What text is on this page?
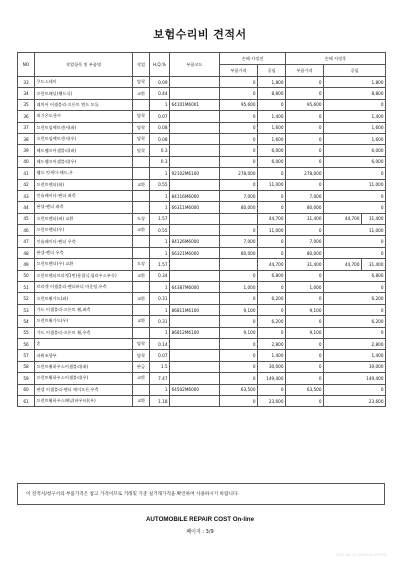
보험수리비 견적서
NO	작업항목 및 부품명	작업	H,Q,%	부품코드	손해 사정전		손해 사정후		
					부품가격	공임	부품가격	공임	
33	쿠드스테이	탈착	0.09		0	1,800	0	1,800	
34	프런트패널(웰드식)	교환	0.44		0	8,800	0	8,800	
35	래치어 어셈블리-프론트 엔드 모듈		1	64101M6001	95,600	0	95,600	0	
36	외기온도센서	탈착	0.07		0	1,400	0	1,400	
37	프런트임팩트센서(좌)	탈착	0.08		0	1,600	0	1,600	
38	프런트임팩트센서(우)	탈착	0.08		0	1,600	0	1,600	
39	헤드램프어셈블리(좌)	탈착	0.3		0	6,000	0	6,000	
40	헤드램프어셈블리(우)		0.3		0	6,000	0	6,000	
41	램프 엇세이-헤드,우		1	92102M6100	278,000	0	278,000	0	
42	프런트펜더(좌)	교환	0.55		0	11,000	0	11,000	
43	인슐레이터-펜더 좌측		1	84116M6000	7,000	0	7,000	0	
44	판넬-펜더 좌측		1	66311M6000	80,000	0	80,000	0	
45	프런트펜더(좌) 교환	도장	1.57			44,700	31,400	44,700	31,400
46	프런트펜더(우)	교환	0.55		0	11,000	0	11,000	
47	인슐레이터-펜더 우측		1	84126M6000	7,000	0	7,000	0	
48	판넬-펜더 우측		1	66321M6000	80,000	0	80,000	0	
49	프런트펜더(우) 교환	도장	1.57			44,700	31,400	44,700	31,400
50	프런트펜더브라켓1번(용접식,필라우스부속)	교환	0.34		0	6,800	0	6,800	
51	브라켓 어셈블리-펜더바디 마운팅,우측		1	64387M6000	1,000	0	1,000	0	
52	프런트휠가드(좌)	교환	0.31		0	6,200	0	6,200	
53	가드 어셈블리-프론트 휠,좌측		1	86811M6100	9,100	0	9,100	0	
54	프런트휠가드(우)	교환	0.31		0	6,200	0	6,200	
55	가드 어셈블리-프론트 휠,우측		1	86812M6100	9,100	0	9,100	0	
56	혼	탈착	0.14		0	2,800	0	2,800	
57	파워조향부	탈착	0.07		0	1,400	0	1,400	
58	프런트휠하우스어셈블리(좌)	판금	1.5		0	30,000	0	30,000	
59	프런트휠하우스어셈블리(우)	교환	7.47		0	149,400	0	149,400	
60	판넬 어셈블리-펜더 에이프론,우측		1	64502M6000	63,500	0	63,500	0	
61	프런트휠하우스패널(바우터)(우)	교환	1.18		0	23,600	0	23,600	
이 견적서/청구서의 부품가격은 참고 가격이므로 거래및 기준 실거래가격을 확인하여 사용하시기 바랍니다.
AUTOMOBILE REPAIR COST On-line
페이지 : 3/9
2025-08-15 09:05:00 AT405
